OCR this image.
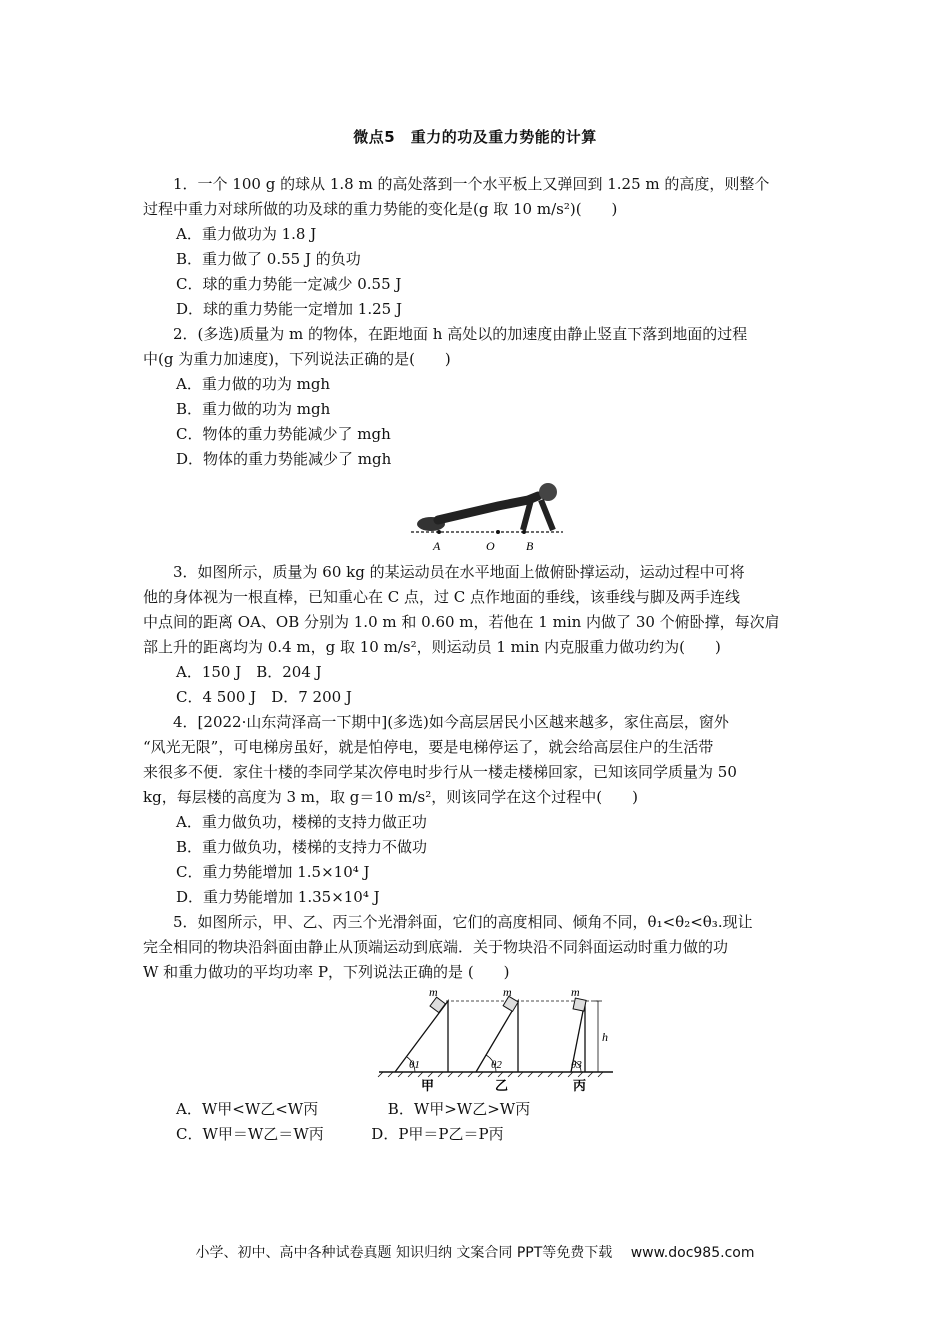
微点5　重力的功及重力势能的计算
1．一个 100 g 的球从 1.8 m 的高处落到一个水平板上又弹回到 1.25 m 的高度，则整个
过程中重力对球所做的功及球的重力势能的变化是(g 取 10 m/s²)(　　)
A．重力做功为 1.8 J
B．重力做了 0.55 J 的负功
C．球的重力势能一定减少 0.55 J
D．球的重力势能一定增加 1.25 J
2．(多选)质量为 m 的物体，在距地面 h 高处以的加速度由静止竖直下落到地面的过程
中(g 为重力加速度)，下列说法正确的是(　　)
A．重力做的功为 mgh
B．重力做的功为 mgh
C．物体的重力势能减少了 mgh
D．物体的重力势能减少了 mgh
A	O	B
3．如图所示，质量为 60 kg 的某运动员在水平地面上做俯卧撑运动，运动过程中可将
他的身体视为一根直棒，已知重心在 C 点，过 C 点作地面的垂线，该垂线与脚及两手连线
中点间的距离 OA、OB 分别为 1.0 m 和 0.60 m，若他在 1 min 内做了 30 个俯卧撑，每次肩
部上升的距离均为 0.4 m，g 取 10 m/s²，则运动员 1 min 内克服重力做功约为(　　)
A．150 J　B．204 J
C．4 500 J　D．7 200 J
4．[2022·山东菏泽高一下期中](多选)如今高层居民小区越来越多，家住高层，窗外
“风光无限”，可电梯房虽好，就是怕停电，要是电梯停运了，就会给高层住户的生活带
来很多不便．家住十楼的李同学某次停电时步行从一楼走楼梯回家，已知该同学质量为 50
kg，每层楼的高度为 3 m，取 g＝10 m/s²，则该同学在这个过程中(　　)
A．重力做负功，楼梯的支持力做正功
B．重力做负功，楼梯的支持力不做功
C．重力势能增加 1.5×10⁴ J
D．重力势能增加 1.35×10⁴ J
5．如图所示，甲、乙、丙三个光滑斜面，它们的高度相同、倾角不同，θ₁<θ₂<θ₃.现让
完全相同的物块沿斜面由静止从顶端运动到底端．关于物块沿不同斜面运动时重力做的功
W 和重力做功的平均功率 P，下列说法正确的是 (　　)
h
m	m	m
θ1	θ2	θ3
甲	乙	丙
A．W甲<W乙<W丙	B．W甲>W乙>W丙
C．W甲＝W乙＝W丙	D．P甲＝P乙＝P丙
小学、初中、高中各种试卷真题 知识归纳 文案合同 PPT等免费下载　 www.doc985.com
